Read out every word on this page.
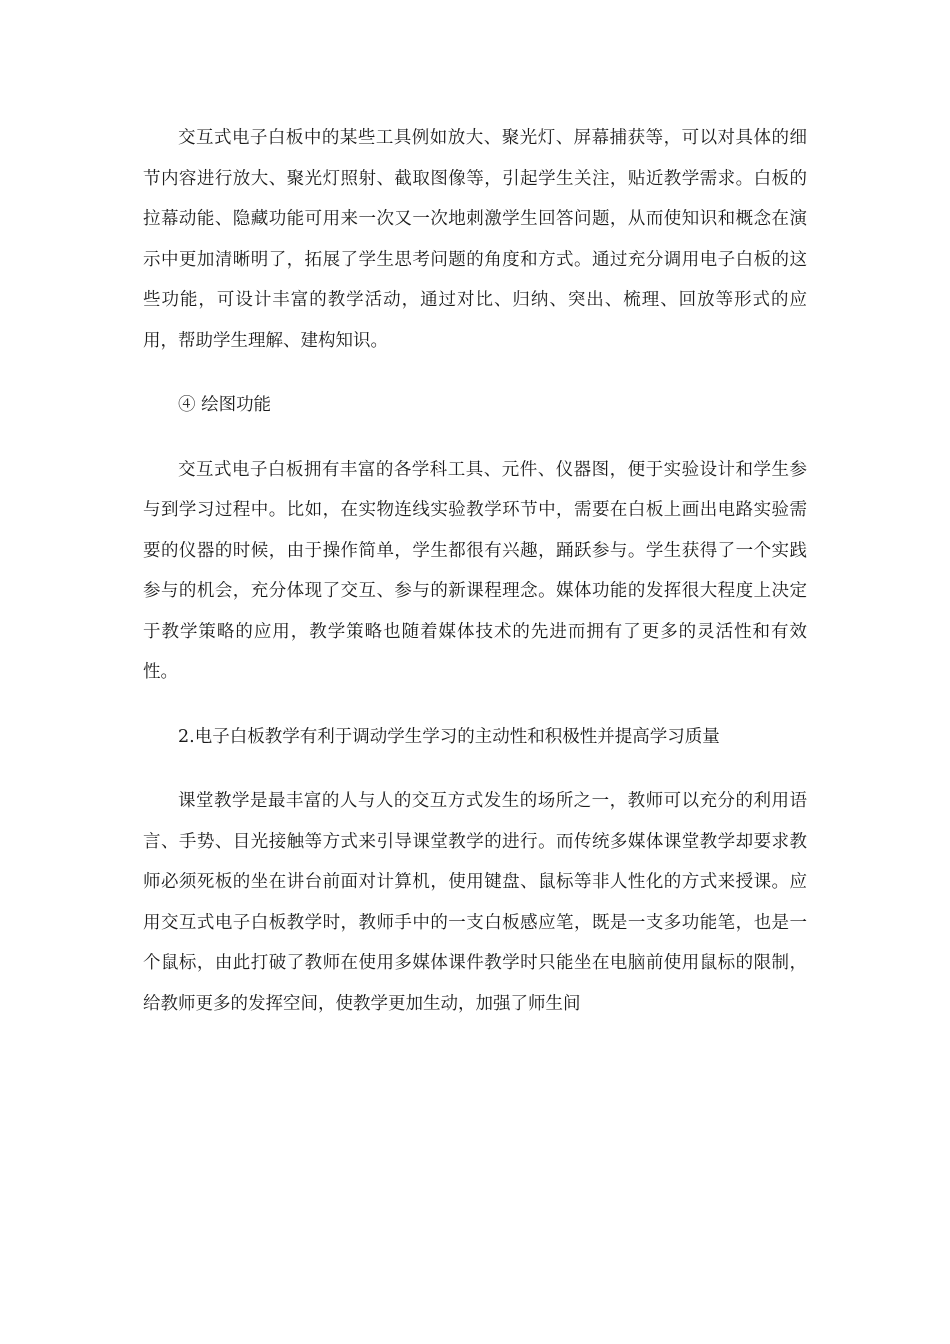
交互式电子白板中的某些工具例如放大、聚光灯、屏幕捕获等，可以对具体的细节内容进行放大、聚光灯照射、截取图像等，引起学生关注，贴近教学需求。白板的拉幕动能、隐藏功能可用来一次又一次地刺激学生回答问题，从而使知识和概念在演示中更加清晰明了，拓展了学生思考问题的角度和方式。通过充分调用电子白板的这些功能，可设计丰富的教学活动，通过对比、归纳、突出、梳理、回放等形式的应用，帮助学生理解、建构知识。

④ 绘图功能

交互式电子白板拥有丰富的各学科工具、元件、仪器图，便于实验设计和学生参与到学习过程中。比如，在实物连线实验教学环节中，需要在白板上画出电路实验需要的仪器的时候，由于操作简单，学生都很有兴趣，踊跃参与。学生获得了一个实践参与的机会，充分体现了交互、参与的新课程理念。媒体功能的发挥很大程度上决定于教学策略的应用，教学策略也随着媒体技术的先进而拥有了更多的灵活性和有效性。

2.电子白板教学有利于调动学生学习的主动性和积极性并提高学习质量

课堂教学是最丰富的人与人的交互方式发生的场所之一，教师可以充分的利用语言、手势、目光接触等方式来引导课堂教学的进行。而传统多媒体课堂教学却要求教师必须死板的坐在讲台前面对计算机，使用键盘、鼠标等非人性化的方式来授课。应用交互式电子白板教学时，教师手中的一支白板感应笔，既是一支多功能笔，也是一个鼠标，由此打破了教师在使用多媒体课件教学时只能坐在电脑前使用鼠标的限制，给教师更多的发挥空间，使教学更加生动，加强了师生间
